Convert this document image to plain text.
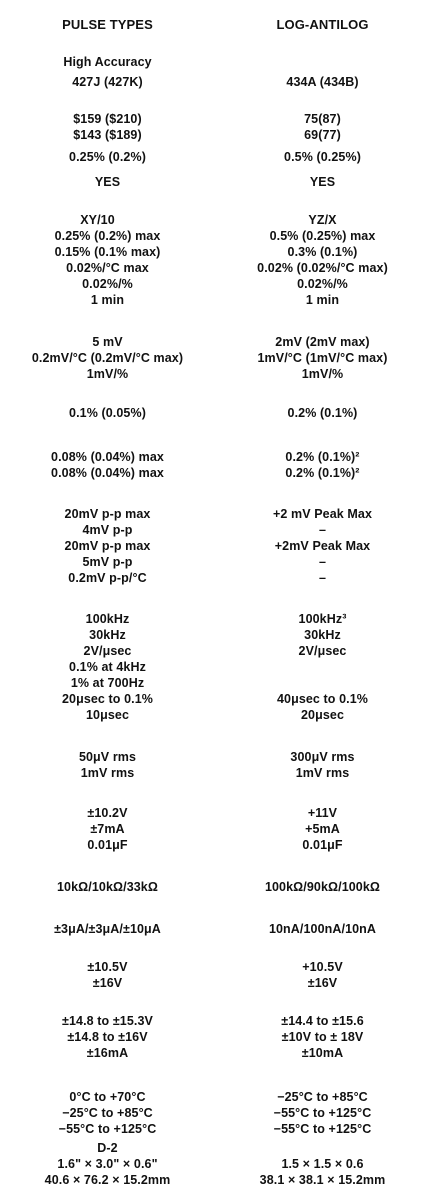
PULSE TYPES
High Accuracy
427J (427K)
$159 ($210)
$143 ($189)
0.25% (0.2%)
YES
XY/10
0.25% (0.2%) max
0.15% (0.1% max)
0.02%/°C max
0.02%/%
1 min
5 mV
0.2mV/°C (0.2mV/°C max)
1mV/%
0.1% (0.05%)
0.08% (0.04%) max
0.08% (0.04%) max
20mV p-p max
4mV p-p
20mV p-p max
5mV p-p
0.2mV p-p/°C
100kHz
30kHz
2V/μsec
0.1% at 4kHz
1% at 700Hz
20μsec to 0.1%
10μsec
50μV rms
1mV rms
±10.2V
±7mA
0.01μF
10kΩ/10kΩ/33kΩ
±3μA/±3μA/±10μA
±10.5V
±16V
±14.8 to ±15.3V
±14.8 to ±16V
±16mA
0°C to +70°C
−25°C to +85°C
−55°C to +125°C
D-2
1.6" × 3.0" × 0.6"
40.6 × 76.2 × 15.2mm
LOG-ANTILOG
434A (434B)
75(87)
69(77)
0.5% (0.25%)
YES
YZ/X
0.5% (0.25%) max
0.3% (0.1%)
0.02% (0.02%/°C max)
0.02%/%
1 min
2mV (2mV max)
1mV/°C (1mV/°C max)
1mV/%
0.2% (0.1%)
0.2% (0.1%)²
0.2% (0.1%)²
+2 mV Peak Max
–
+2mV Peak Max
–
–
100kHz³
30kHz
2V/μsec
40μsec to 0.1%
20μsec
300μV rms
1mV rms
+11V
+5mA
0.01μF
100kΩ/90kΩ/100kΩ
10nA/100nA/10nA
+10.5V
±16V
±14.4 to ±15.6
±10V to ± 18V
±10mA
−25°C to +85°C
−55°C to +125°C
−55°C to +125°C
1.5 × 1.5 × 0.6
38.1 × 38.1 × 15.2mm
